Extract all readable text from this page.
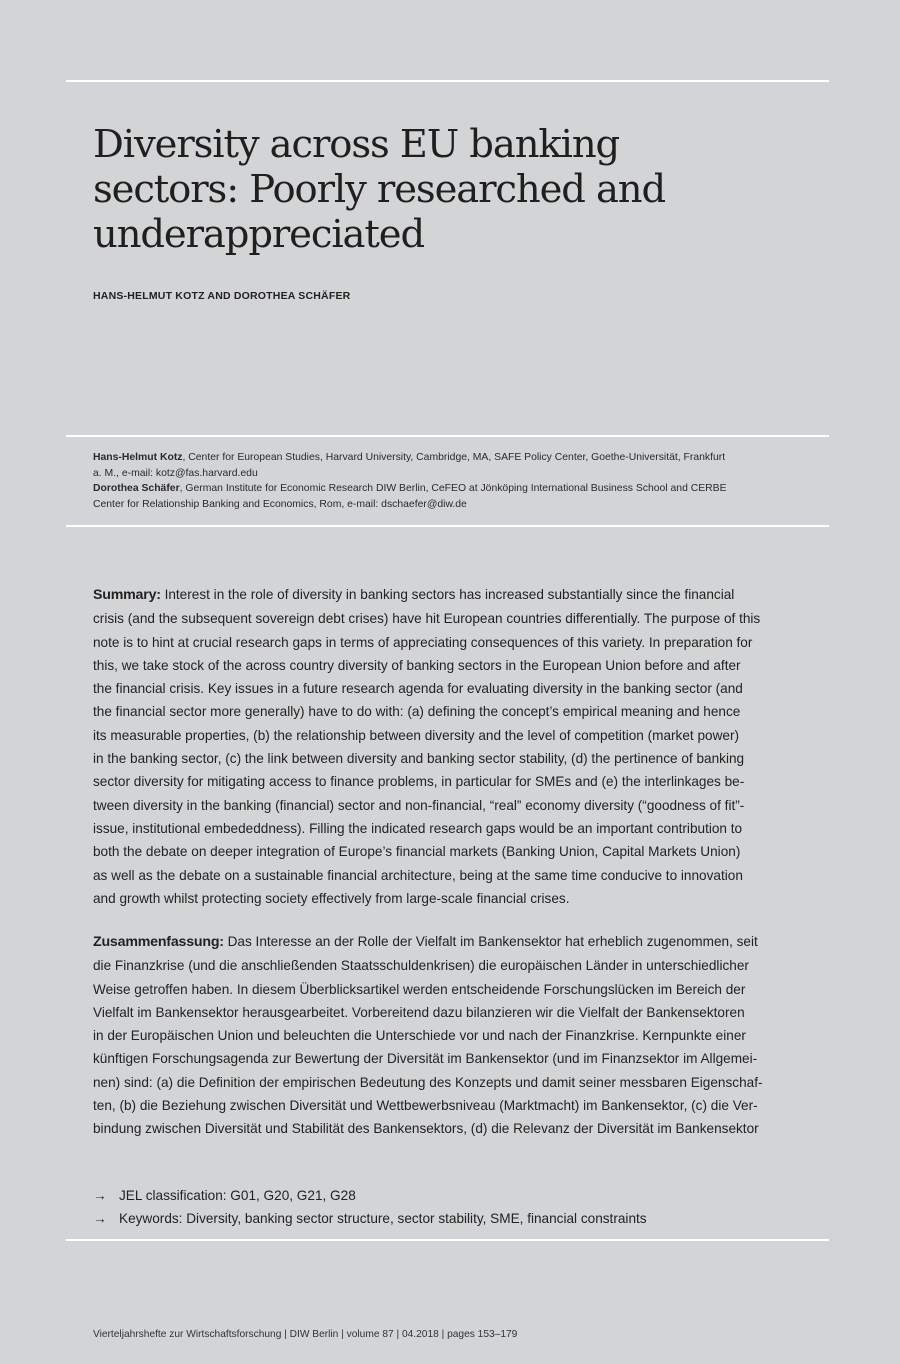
Diversity across EU banking
sectors: Poorly researched and
underappreciated
HANS-HELMUT KOTZ AND DOROTHEA SCHÄFER
Hans-Helmut Kotz, Center for European Studies, Harvard University, Cambridge, MA, SAFE Policy Center, Goethe-Universität, Frankfurt
a. M., e-mail: kotz@fas.harvard.edu
Dorothea Schäfer, German Institute for Economic Research DIW Berlin, CeFEO at Jönköping International Business School and CERBE
Center for Relationship Banking and Economics, Rom, e-mail: dschaefer@diw.de
Summary: Interest in the role of diversity in banking sectors has increased substantially since the financial
crisis (and the subsequent sovereign debt crises) have hit European countries differentially. The purpose of this
note is to hint at crucial research gaps in terms of appreciating consequences of this variety. In preparation for
this, we take stock of the across country diversity of banking sectors in the European Union before and after
the financial crisis. Key issues in a future research agenda for evaluating diversity in the banking sector (and
the financial sector more generally) have to do with: (a) defining the concept’s empirical meaning and hence
its measurable properties, (b) the relationship between diversity and the level of competition (market power)
in the banking sector, (c) the link between diversity and banking sector stability, (d) the pertinence of banking
sector diversity for mitigating access to finance problems, in particular for SMEs and (e) the interlinkages be-
tween diversity in the banking (financial) sector and non-financial, “real” economy diversity (“goodness of fit”-
issue, institutional embededdness). Filling the indicated research gaps would be an important contribution to
both the debate on deeper integration of Europe’s financial markets (Banking Union, Capital Markets Union)
as well as the debate on a sustainable financial architecture, being at the same time conducive to innovation
and growth whilst protecting society effectively from large-scale financial crises.
Zusammenfassung: Das Interesse an der Rolle der Vielfalt im Bankensektor hat erheblich zugenommen, seit
die Finanzkrise (und die anschließenden Staatsschuldenkrisen) die europäischen Länder in unterschiedlicher
Weise getroffen haben. In diesem Überblicksartikel werden entscheidende Forschungslücken im Bereich der
Vielfalt im Bankensektor herausgearbeitet. Vorbereitend dazu bilanzieren wir die Vielfalt der Bankensektoren
in der Europäischen Union und beleuchten die Unterschiede vor und nach der Finanzkrise. Kernpunkte einer
künftigen Forschungsagenda zur Bewertung der Diversität im Bankensektor (und im Finanzsektor im Allgemei-
nen) sind: (a) die Definition der empirischen Bedeutung des Konzepts und damit seiner messbaren Eigenschaf-
ten, (b) die Beziehung zwischen Diversität und Wettbewerbsniveau (Marktmacht) im Bankensektor, (c) die Ver-
bindung zwischen Diversität und Stabilität des Bankensektors, (d) die Relevanz der Diversität im Bankensektor
→ JEL classification: G01, G20, G21, G28
→ Keywords: Diversity, banking sector structure, sector stability, SME, financial constraints
Vierteljahrshefte zur Wirtschaftsforschung | DIW Berlin | volume 87 | 04.2018 | pages 153–179
